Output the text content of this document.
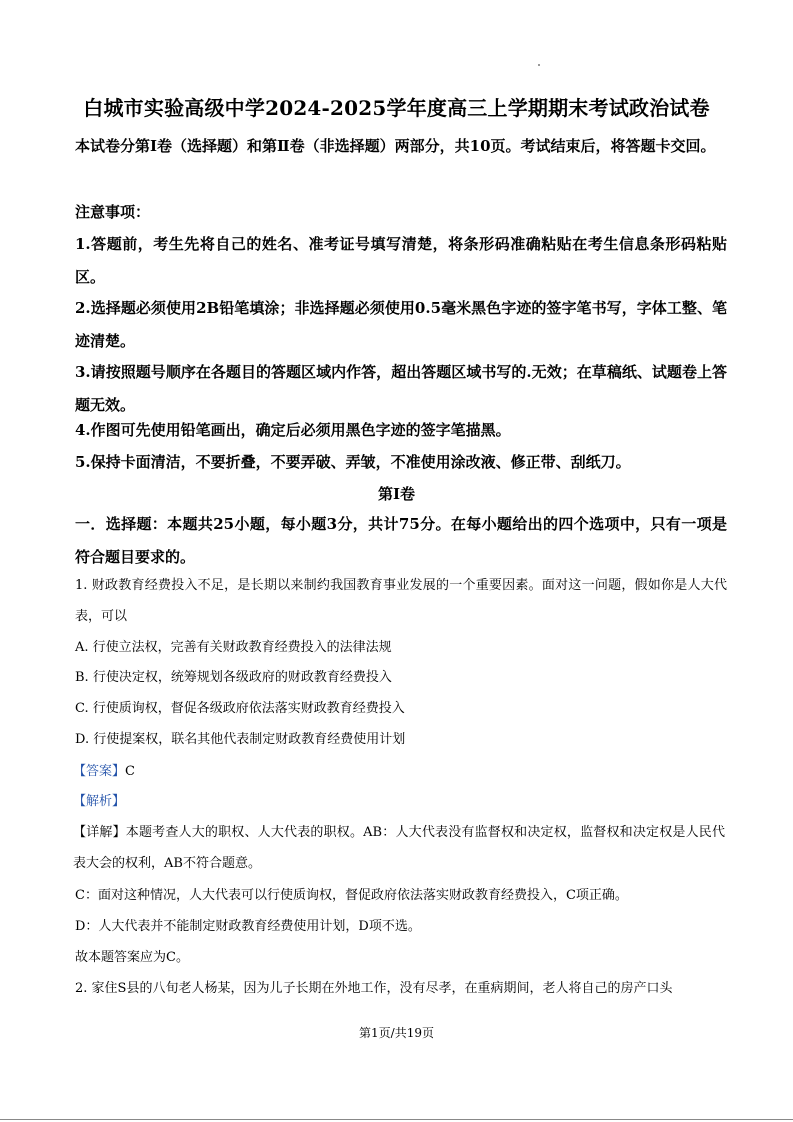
白城市实验高级中学2024-2025学年度高三上学期期末考试政治试卷

本试卷分第Ⅰ卷（选择题）和第Ⅱ卷（非选择题）两部分，共10页。考试结束后，将答题卡交回。

注意事项：

1.答题前，考生先将自己的姓名、准考证号填写清楚，将条形码准确粘贴在考生信息条形码粘贴区。

2.选择题必须使用2B铅笔填涂；非选择题必须使用0.5毫米黑色字迹的签字笔书写，字体工整、笔迹清楚。

3.请按照题号顺序在各题目的答题区域内作答，超出答题区域书写的.无效；在草稿纸、试题卷上答题无效。

4.作图可先使用铅笔画出，确定后必须用黑色字迹的签字笔描黑。

5.保持卡面清洁，不要折叠，不要弄破、弄皱，不准使用涂改液、修正带、刮纸刀。

第Ⅰ卷

一．选择题：本题共25小题，每小题3分，共计75分。在每小题给出的四个选项中，只有一项是符合题目要求的。

1. 财政教育经费投入不足，是长期以来制约我国教育事业发展的一个重要因素。面对这一问题，假如你是人大代表，可以

A. 行使立法权，完善有关财政教育经费投入的法律法规

B. 行使决定权，统筹规划各级政府的财政教育经费投入

C. 行使质询权，督促各级政府依法落实财政教育经费投入

D. 行使提案权，联名其他代表制定财政教育经费使用计划

【答案】C

【解析】

【详解】本题考查人大的职权、人大代表的职权。AB：人大代表没有监督权和决定权，监督权和决定权是人民代表大会的权利，AB不符合题意。

C：面对这种情况，人大代表可以行使质询权，督促政府依法落实财政教育经费投入，C项正确。

D：人大代表并不能制定财政教育经费使用计划，D项不选。

故本题答案应为C。

2. 家住S县的八旬老人杨某，因为儿子长期在外地工作，没有尽孝，在重病期间，老人将自己的房产口头

第1页/共19页
